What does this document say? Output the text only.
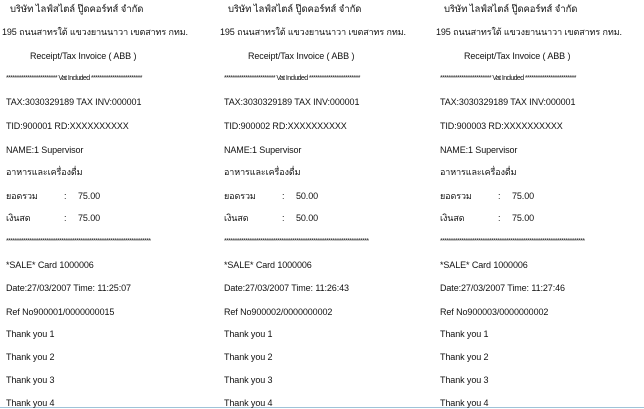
บริษัท ไลฟ์สไตล์ ปู๊ดคอร์ทส์ จำกัด
195 ถนนสาทรใต้ แขวงยานนาวา เขตสาทร กทม.
Receipt/Tax Invoice ( ABB )
************************ Vat Included ************************
TAX:3030329189 TAX INV:000001
TID:900001 RD:XXXXXXXXXX
NAME:1 Supervisor
อาหารและเครื่องดื่ม
ยอดรวม	: 75.00
เงินสด	: 75.00
********************************************************************
*SALE* Card 1000006
Date:27/03/2007 Time: 11:25:07
Ref No900001/0000000015
Thank you 1
Thank you 2
Thank you 3
Thank you 4
บริษัท ไลฟ์สไตล์ ปู๊ดคอร์ทส์ จำกัด
195 ถนนสาทรใต้ แขวงยานนาวา เขตสาทร กทม.
Receipt/Tax Invoice ( ABB )
************************ Vat Included ************************
TAX:3030329189 TAX INV:000001
TID:900002 RD:XXXXXXXXXX
NAME:1 Supervisor
อาหารและเครื่องดื่ม
ยอดรวม	: 50.00
เงินสด	: 50.00
********************************************************************
*SALE* Card 1000006
Date:27/03/2007 Time: 11:26:43
Ref No900002/0000000002
Thank you 1
Thank you 2
Thank you 3
Thank you 4
บริษัท ไลฟ์สไตล์ ปู๊ดคอร์ทส์ จำกัด
195 ถนนสาทรใต้ แขวงยานนาวา เขตสาทร กทม.
Receipt/Tax Invoice ( ABB )
************************ Vat Included ************************
TAX:3030329189 TAX INV:000001
TID:900003 RD:XXXXXXXXXX
NAME:1 Supervisor
อาหารและเครื่องดื่ม
ยอดรวม	: 75.00
เงินสด	: 75.00
********************************************************************
*SALE* Card 1000006
Date:27/03/2007 Time: 11:27:46
Ref No900003/0000000002
Thank you 1
Thank you 2
Thank you 3
Thank you 4
